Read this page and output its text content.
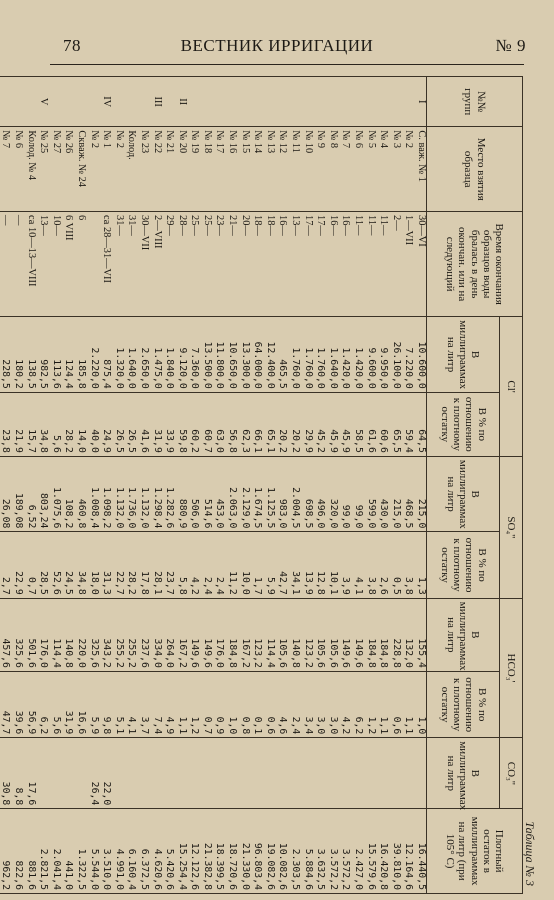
ВЕСТНИК ИРРИГАЦИИ
78	№ 9
Таблица № 3
№№ групп	Место взятия образца	Время окончания образцов воды бралась в день окончан. или на следующий	Cl'		SO₄''		HCO₃'		CO₃''	Плотный остаток в миллиграммах на литр (при 105° С)
			В миллиграммах на литр	В % по отношению к плотному остатку	В миллиграммах на литр	В % по отношению к плотному остатку	В миллиграммах на литр	В % по отношению к плотному остатку	В миллиграммах на литр	
I	С. важ. № 1	30—VI	10.600,0	64,5	215,0	1,3	155,4	1,0		16.440,5
	№ 2	1—VII	7.220,0	59,4	468,5	3,8	132,0	1,1		12.164,6
	№ 3	2—	26.100,0	65,5	215,0	0,5	228,8	0,6		39.810,0
	№ 4	11—	9.950,0	60,6	430,0	2,6	184,8	1,1		16.420,8
	№ 5	11—	9.600,0	61,6	599,0	3,8	184,8	1,2		15.579,6
	№ 6	11—	1.420,0	58,5	99,0	4,1	149,6	6,2		2.427,0
	№ 7	16—	1.420,0	45,9	99,0	3,9	149,6	4,2		3.572,2
	№ 8	16—	1.640,0	45,9	320,0	10,1	105,6	3,0		3.572,2
	№ 9	17—	1.760,0	45,2	496,0	12,8	105,6	3,0		3.632,5
	№ 10	17—	1.760,0	29,9	698,5	13,9	123,2	3,4		5.884,6
	№ 11	13—	1.760,0	20,2	2.004,5	34,1	140,8	2,4		2.303,5
	№ 12	16—	465,5	20,2	983,0	42,7	105,6	4,6		10.082,6
	№ 13	18—	12.400,0	65,1	1.125,5	5,9	114,4	0,6		19.082,6
	№ 14	18—	64.000,0	66,1	1.674,5	1,7	123,2	0,1		96.803,4
	№ 15	20—	13.300,0	62,3	2.129,0	10,0	167,2	0,8		21.330,0
	№ 16	21—	10.650,0	56,8	2.063,0	11,2	184,8	1,0		18.720,6
	№ 17	23—	11.800,0	63,0	453,0	2,4	176,0	0,9		18.399,5
	№ 18	25—	13.500,0	60,7	514,6	2,4	149,6	0,7		21.382,8
	№ 19	25—	7.360,0	60,2	506,0	4,2	149,6	1,2		12.122,6
II	№ 20	28—	9.120,0	59,8	880,9	5,8	167,2	1,1		15.254,4
	№ 21	29—	1.840,0	33,9	1.282,6	23,7	264,0	4,9		5.420,6
III	№ 22	2—VIII	1.475,0	31,9	1.298,4	28,1	334,0	7,4		4.620,6
	№ 23	30—VII	2.650,0	41,6	1.132,0	17,8	237,6	3,7		6.372,5
	Колод.	31—	1.640,0	26,5	1.736,0	28,2	255,2	4,1		6.160,4
	№ 2	31—	1.320,0	26,5	1.132,0	22,7	255,2	5,1		4.991,0
IV	№ 1	са 28—31—VII	875,4	24,9	1.098,2	31,3	343,2	9,8	22,0	3.510,0
	№ 2		2.220,0	40,0	1.008,4	18,0	325,6	5,9	26,4	5.544,0
	Скваж. № 24	6	185,8	14,0	460,8	34,8	220,0	16,6		1.322,5
	№ 26	6 VIII	124,4	28,2	108,2	24,5	140,8	31,9		441,0
	№ 27	10—	113,6	5,6	1.075,6	52,6	114,4	5,6		2.041,4
V	№ 25	13—	982,5	34,8	803,24	28,5	176,0	6,2		2.821,5
	Колод. № 4	са 10—13—VIII	138,5	15,7	6,52	0,7	501,6	56,9	17,6	881,6
	№ 6	—	180,2	21,9	189,08	22,9	325,6	39,6	8,8	822,6
	№ 7	—	228,5	23,8	26,08	2,7	457,6	47,7	30,8	962,2
